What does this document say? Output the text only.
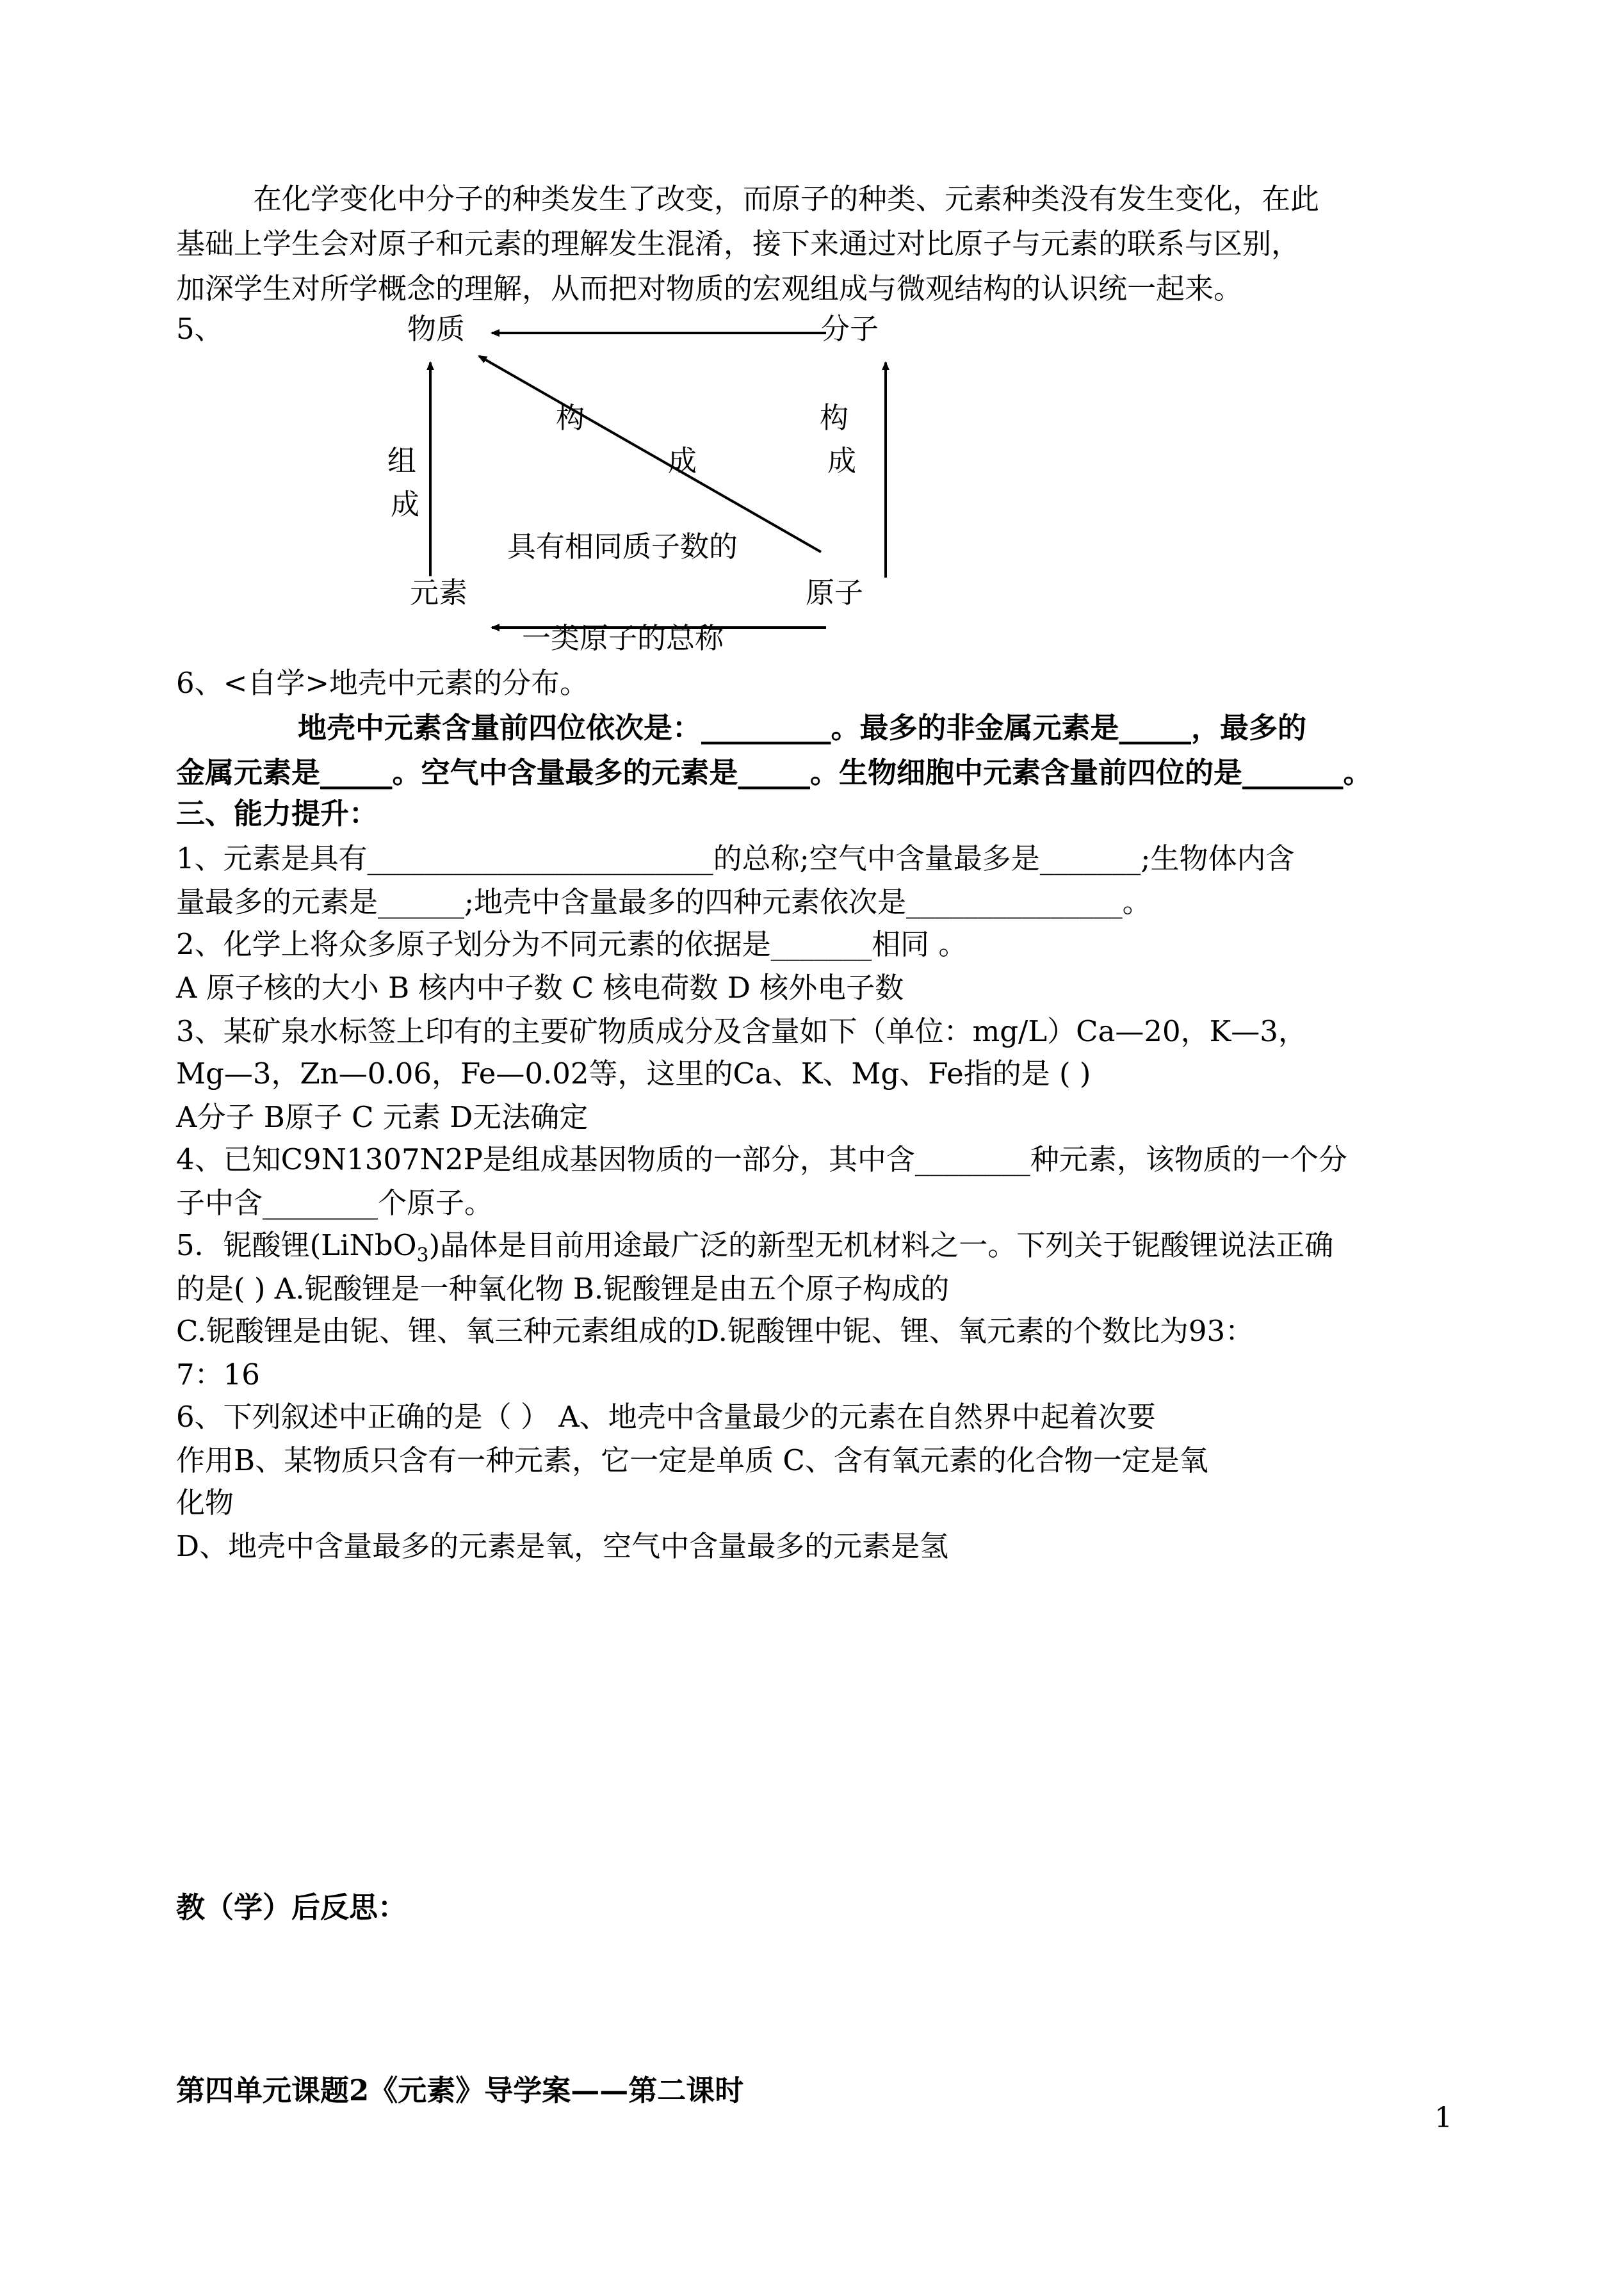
在化学变化中分子的种类发生了改变，而原子的种类、元素种类没有发生变化，在此
基础上学生会对原子和元素的理解发生混淆，接下来通过对比原子与元素的联系与区别，
加深学生对所学概念的理解，从而把对物质的宏观组成与微观结构的认识统一起来。
5、	物质	分子
构	构
组	成	成
成
具有相同质子数的
元素	原子
一类原子的总称
6、<自学>地壳中元素的分布。
地壳中元素含量前四位依次是：_________。最多的非金属元素是_____，最多的
金属元素是_____。空气中含量最多的元素是_____。生物细胞中元素含量前四位的是_______。
三、能力提升：
1、元素是具有________________________的总称;空气中含量最多是_______;生物体内含
量最多的元素是______;地壳中含量最多的四种元素依次是_______________。
2、化学上将众多原子划分为不同元素的依据是_______相同 。
A 原子核的大小 B 核内中子数 C 核电荷数 D 核外电子数
3、某矿泉水标签上印有的主要矿物质成分及含量如下（单位：mg/L）Ca—20，K—3，
Mg—3，Zn—0.06，Fe—0.02等，这里的Ca、K、Mg、Fe指的是 ( )
A分子 B原子 C 元素 D无法确定
4、已知C9N1307N2P是组成基因物质的一部分，其中含________种元素，该物质的一个分
子中含________个原子。
5．铌酸锂(LiNbO$_3$)晶体是目前用途最广泛的新型无机材料之一。下列关于铌酸锂说法正确
的是( ) A.铌酸锂是一种氧化物 B.铌酸锂是由五个原子构成的
C.铌酸锂是由铌、锂、氧三种元素组成的D.铌酸锂中铌、锂、氧元素的个数比为93：
7：16
6、下列叙述中正确的是（ ） A、地壳中含量最少的元素在自然界中起着次要
作用B、某物质只含有一种元素，它一定是单质 C、含有氧元素的化合物一定是氧
化物
D、地壳中含量最多的元素是氧，空气中含量最多的元素是氢
教（学）后反思：
第四单元课题2《元素》导学案——第二课时
1
